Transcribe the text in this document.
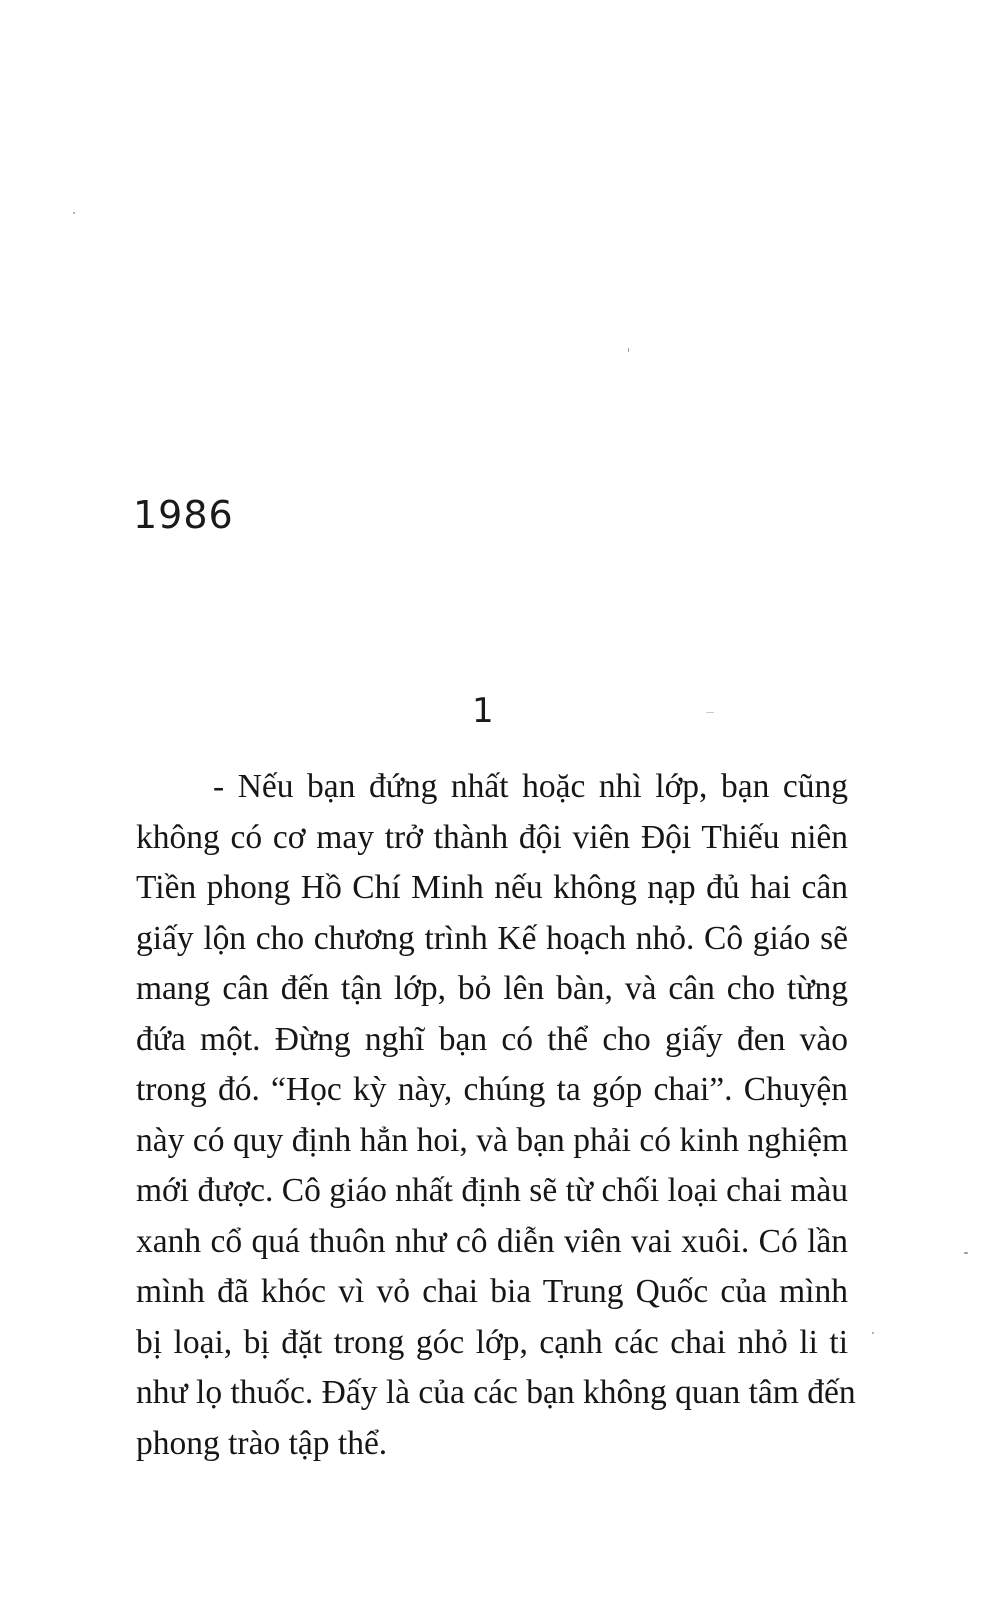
1986
1
- Nếu bạn đứng nhất hoặc nhì lớp, bạn cũng
không có cơ may trở thành đội viên Đội Thiếu niên
Tiền phong Hồ Chí Minh nếu không nạp đủ hai cân
giấy lộn cho chương trình Kế hoạch nhỏ. Cô giáo sẽ
mang cân đến tận lớp, bỏ lên bàn, và cân cho từng
đứa một. Đừng nghĩ bạn có thể cho giấy đen vào
trong đó. “Học kỳ này, chúng ta góp chai”. Chuyện
này có quy định hẳn hoi, và bạn phải có kinh nghiệm
mới được. Cô giáo nhất định sẽ từ chối loại chai màu
xanh cổ quá thuôn như cô diễn viên vai xuôi. Có lần
mình đã khóc vì vỏ chai bia Trung Quốc của mình
bị loại, bị đặt trong góc lớp, cạnh các chai nhỏ li ti
như lọ thuốc. Đấy là của các bạn không quan tâm đến
phong trào tập thể.
